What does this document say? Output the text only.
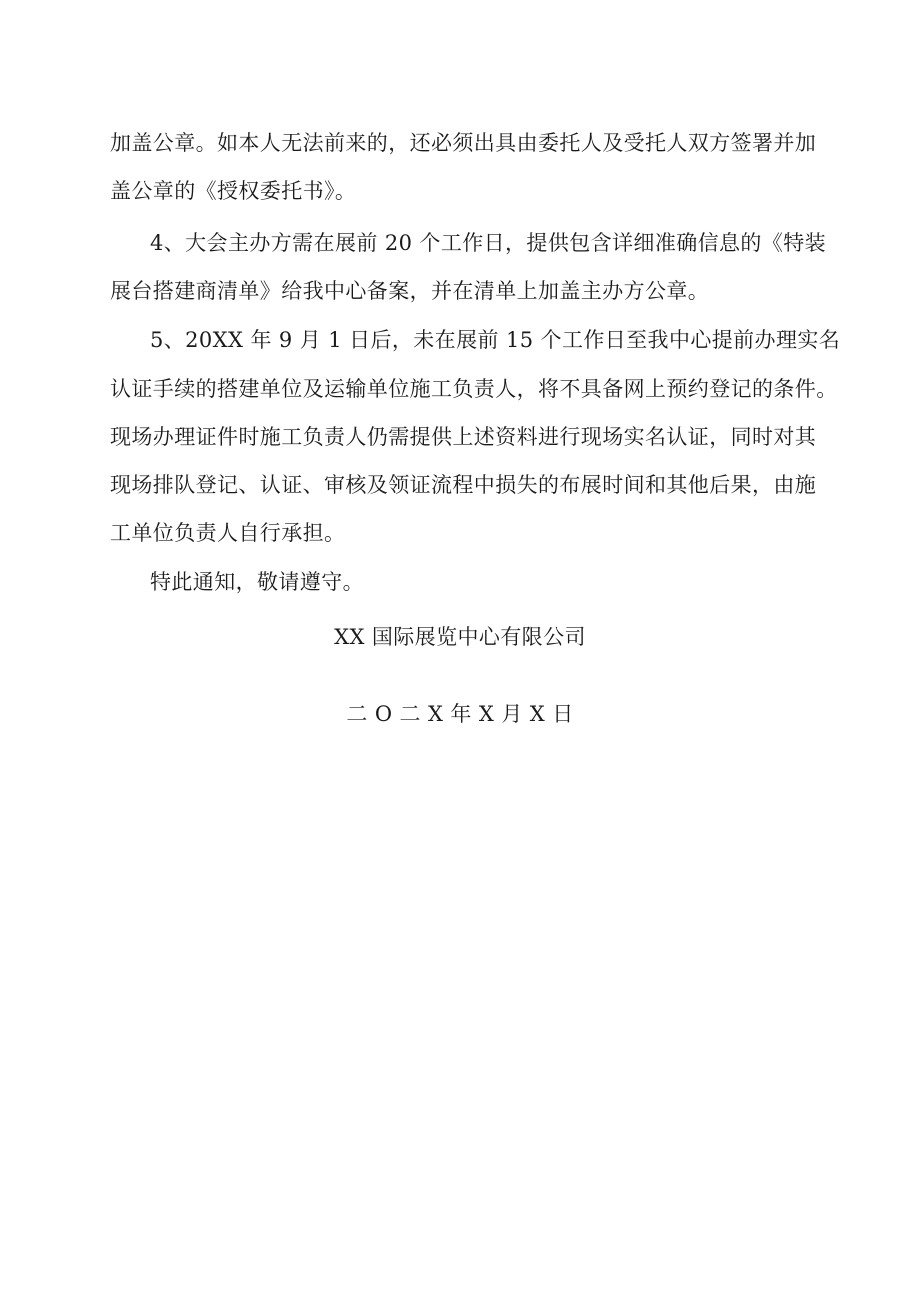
加盖公章。如本人无法前来的，还必须出具由委托人及受托人双方签署并加
盖公章的《授权委托书》。
4、大会主办方需在展前 20 个工作日，提供包含详细准确信息的《特装
展台搭建商清单》给我中心备案，并在清单上加盖主办方公章。
5、20XX 年 9 月 1 日后，未在展前 15 个工作日至我中心提前办理实名
认证手续的搭建单位及运输单位施工负责人，将不具备网上预约登记的条件。
现场办理证件时施工负责人仍需提供上述资料进行现场实名认证，同时对其
现场排队登记、认证、审核及领证流程中损失的布展时间和其他后果，由施
工单位负责人自行承担。
特此通知，敬请遵守。
XX 国际展览中心有限公司
二 O 二 X 年 X 月 X 日
